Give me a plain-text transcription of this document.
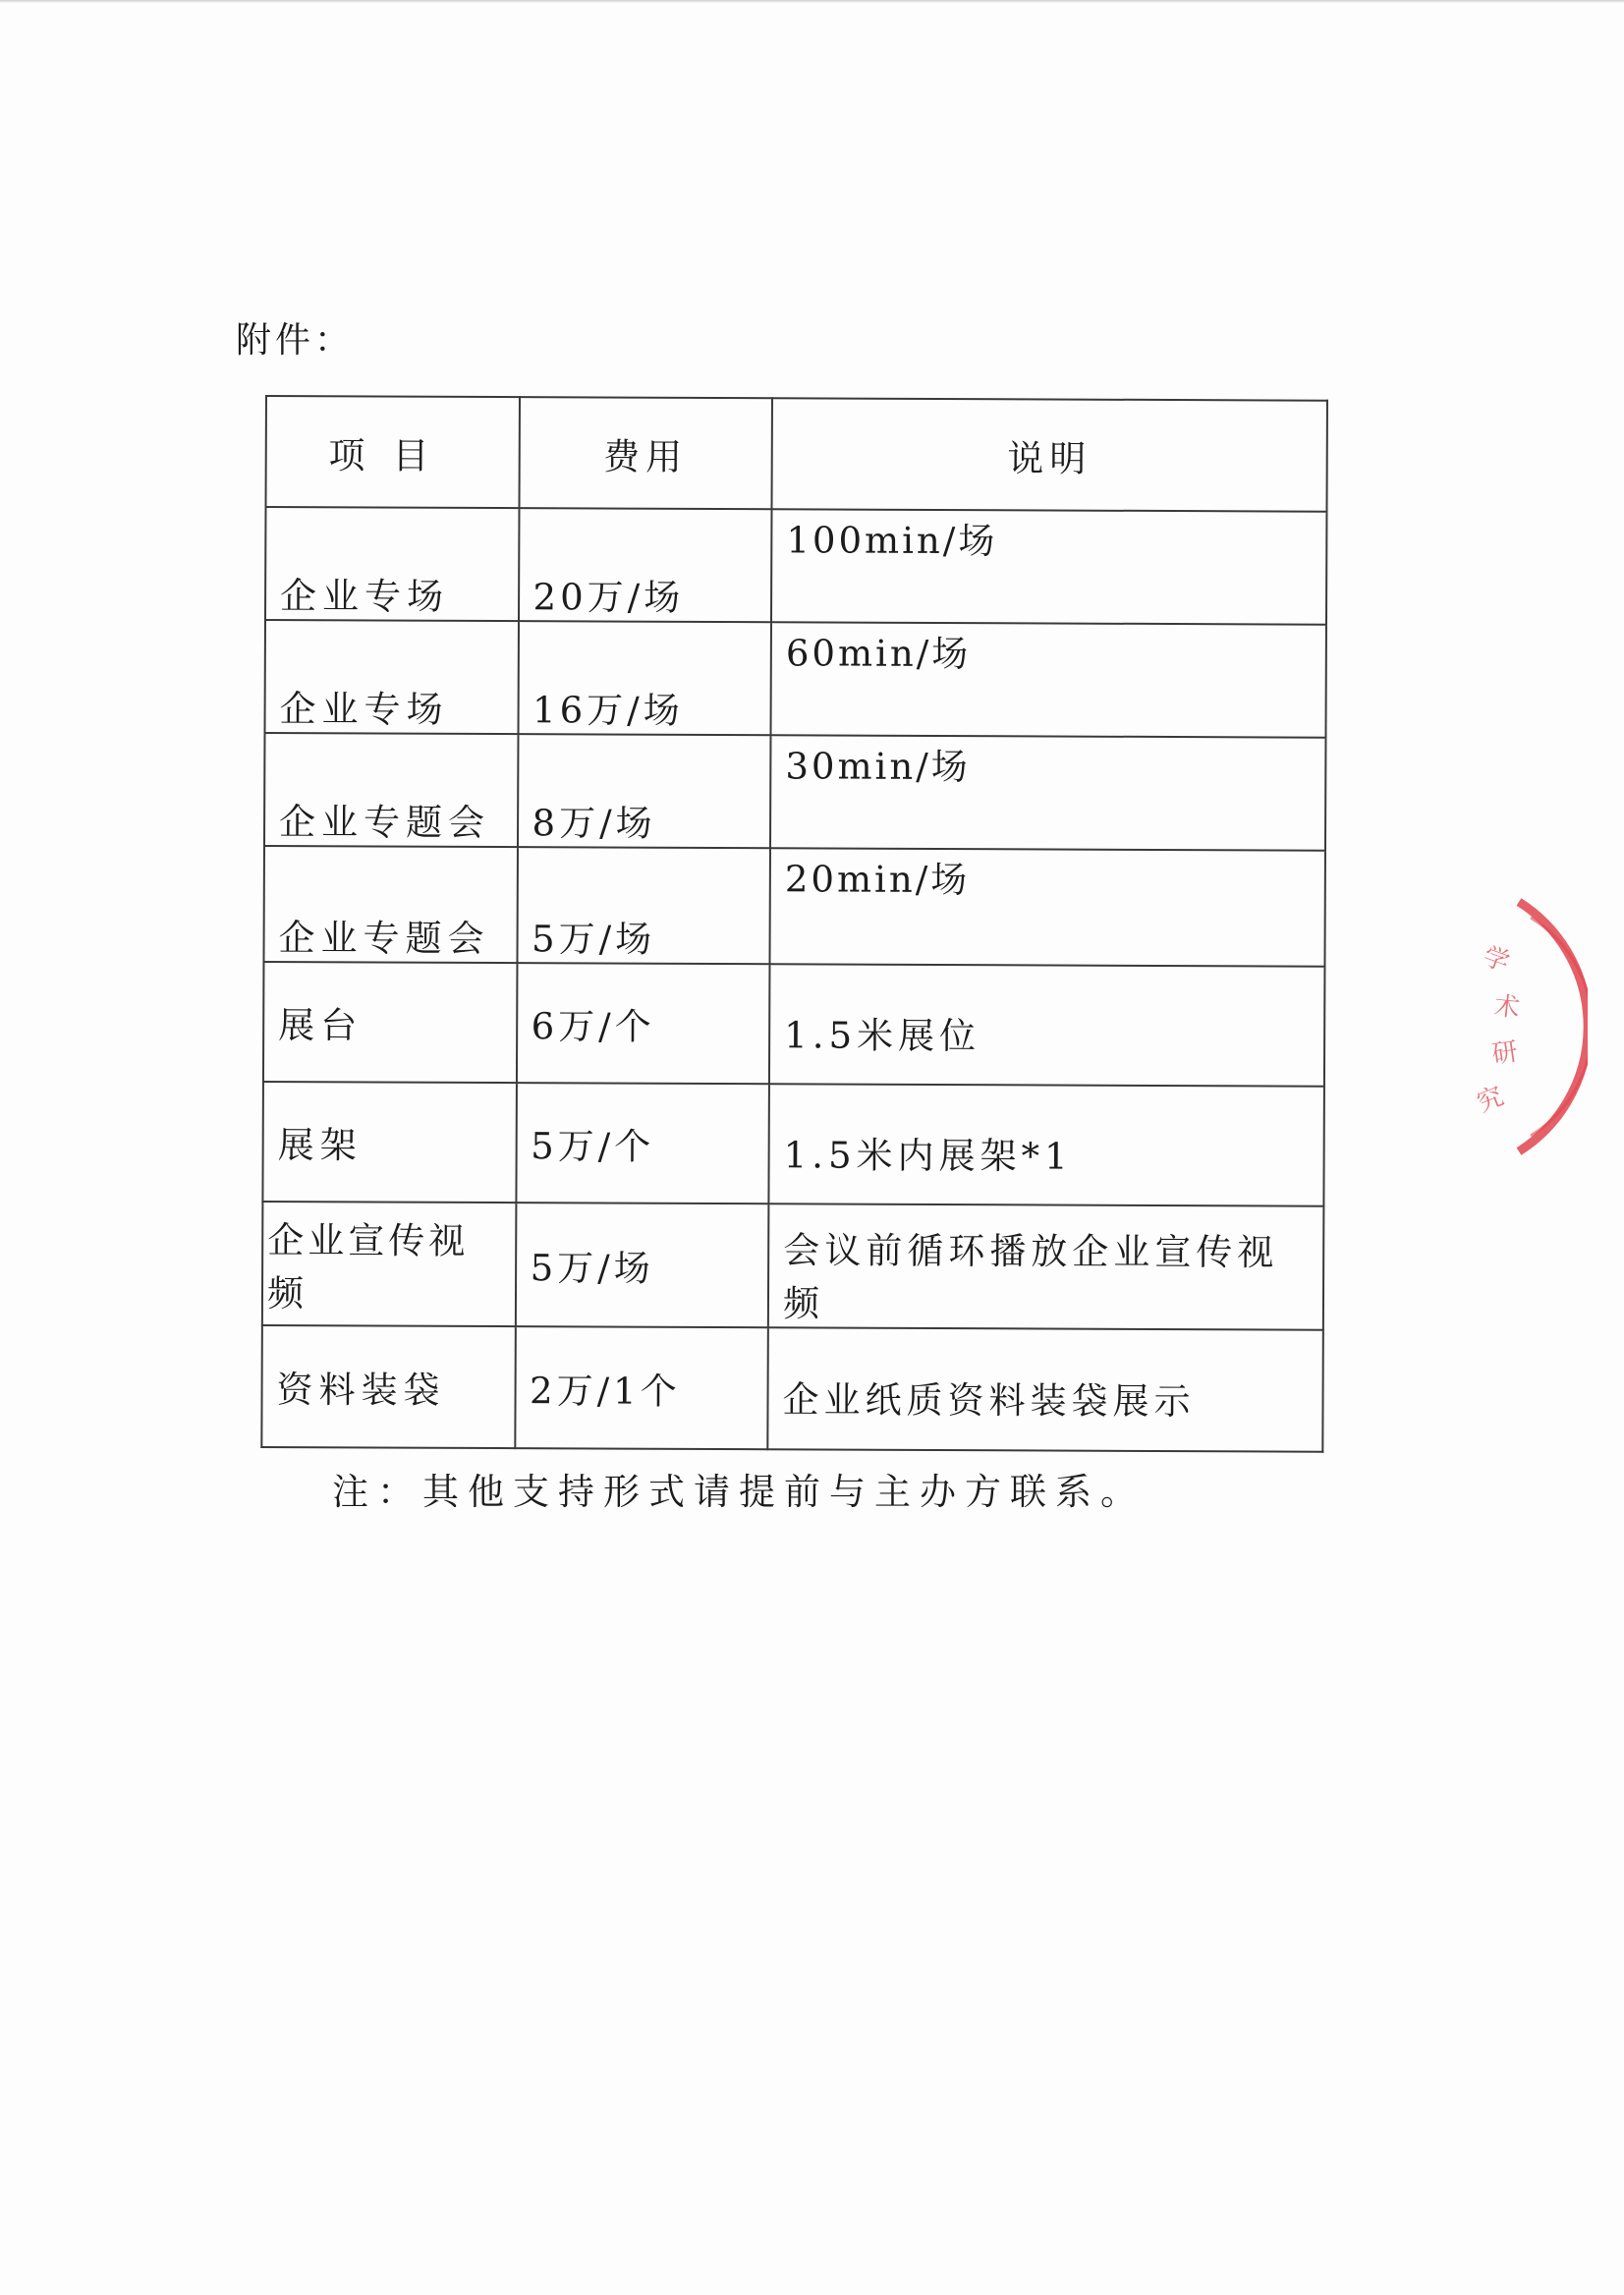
附件：
项目	费用	说明
企业专场	20万/场	100min/场
企业专场	16万/场	60min/场
企业专题会	8万/场	30min/场
企业专题会	5万/场	20min/场
展台	6万/个	1.5米展位
展架	5万/个	1.5米内展架*1
企业宣传视频	5万/场	会议前循环播放企业宣传视频
资料装袋	2万/1个	企业纸质资料装袋展示
注：其他支持形式请提前与主办方联系。
学
术
研
究
